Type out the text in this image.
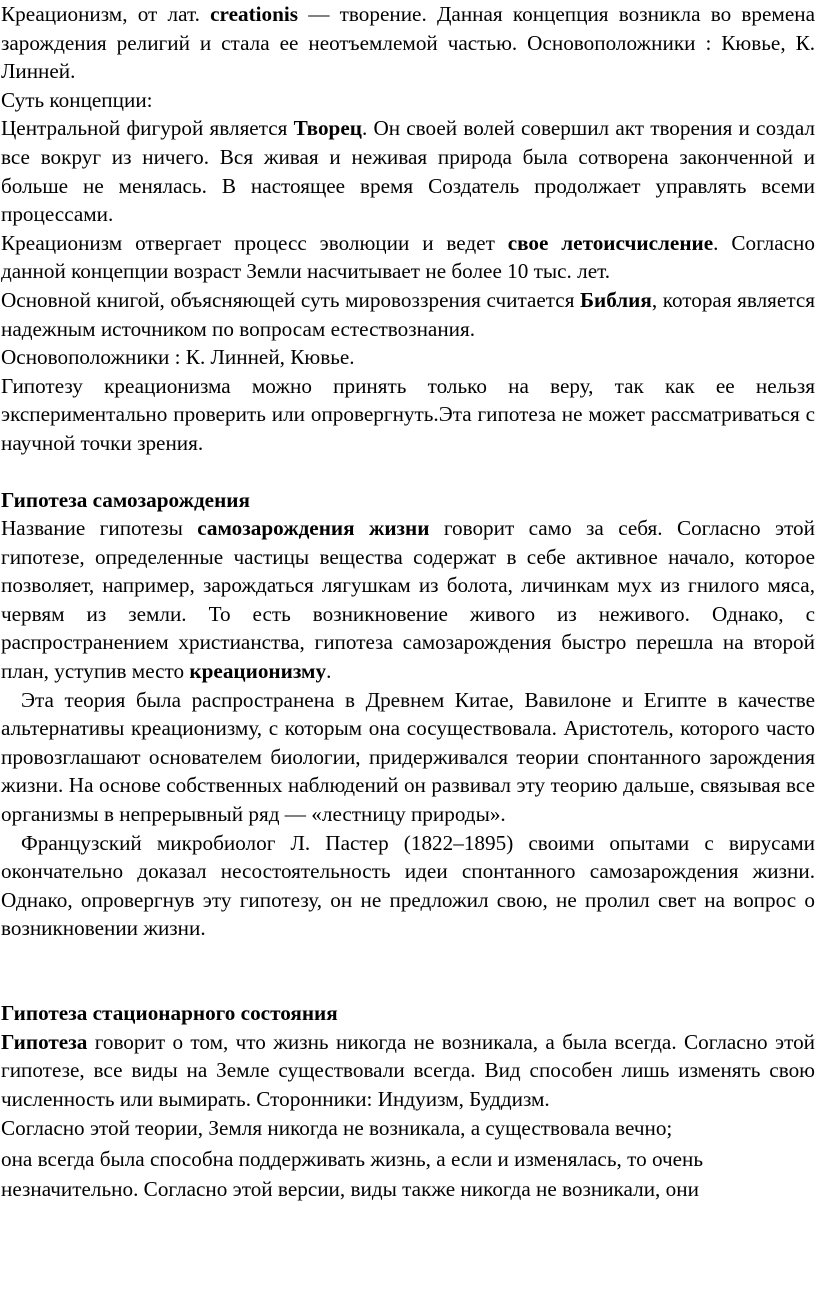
Креационизм, от лат. creationis — творение. Данная концепция возникла во времена зарождения религий и стала ее неотъемлемой частью. Основоположники : Кювье, К. Линней.

Суть концепции:

Центральной фигурой является Творец. Он своей волей совершил акт творения и создал все вокруг из ничего. Вся живая и неживая природа была сотворена законченной и больше не менялась. В настоящее время Создатель продолжает управлять всеми процессами.

Креационизм отвергает процесс эволюции и ведет свое летоисчисление. Согласно данной концепции возраст Земли насчитывает не более 10 тыс. лет.

Основной книгой, объясняющей суть мировоззрения считается Библия, которая является надежным источником по вопросам естествознания.

Основоположники : К. Линней, Кювье.

Гипотезу креационизма можно принять только на веру, так как ее нельзя экспериментально проверить или опровергнуть.Эта гипотеза не может рассматриваться с научной точки зрения.

Гипотеза самозарождения

Название гипотезы самозарождения жизни говорит само за себя. Согласно этой гипотезе, определенные частицы вещества содержат в себе активное начало, которое позволяет, например, зарождаться лягушкам из болота, личинкам мух из гнилого мяса, червям из земли. То есть возникновение живого из неживого. Однако, с распространением христианства, гипотеза самозарождения быстро перешла на второй план, уступив место креационизму.

Эта теория была распространена в Древнем Китае, Вавилоне и Египте в качестве альтернативы креационизму, с которым она сосуществовала. Аристотель, которого часто провозглашают основателем биологии, придерживался теории спонтанного зарождения жизни. На основе собственных наблюдений он развивал эту теорию дальше, связывая все организмы в непрерывный ряд — «лестницу природы».

Французский микробиолог Л. Пастер (1822–1895) своими опытами с вирусами окончательно доказал несостоятельность идеи спонтанного самозарождения жизни. Однако, опровергнув эту гипотезу, он не предложил свою, не пролил свет на вопрос о возникновении жизни.

Гипотеза стационарного состояния

Гипотеза говорит о том, что жизнь никогда не возникала, а была всегда. Согласно этой гипотезе, все виды на Земле существовали всегда. Вид способен лишь изменять свою численность или вымирать. Сторонники: Индуизм, Буддизм.

Согласно этой теории, Земля никогда не возникала, а существовала вечно;

она всегда была способна поддерживать жизнь, а если и изменялась, то очень незначительно. Согласно этой версии, виды также никогда не возникали, они
